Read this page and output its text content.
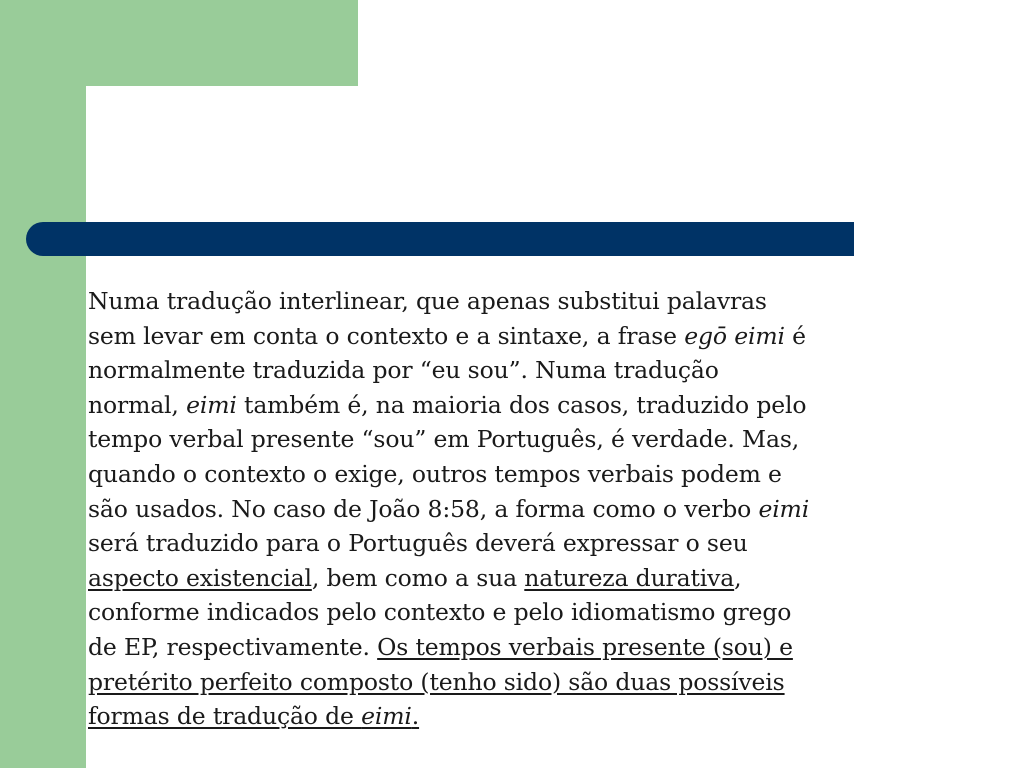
Numa tradução interlinear, que apenas substitui palavras
sem levar em conta o contexto e a sintaxe, a frase egō eimi é
normalmente traduzida por “eu sou”. Numa tradução
normal, eimi também é, na maioria dos casos, traduzido pelo
tempo verbal presente “sou” em Português, é verdade. Mas,
quando o contexto o exige, outros tempos verbais podem e
são usados. No caso de João 8:58, a forma como o verbo eimi
será traduzido para o Português deverá expressar o seu
aspecto existencial, bem como a sua natureza durativa,
conforme indicados pelo contexto e pelo idiomatismo grego
de EP, respectivamente. Os tempos verbais presente (sou) e
pretérito perfeito composto (tenho sido) são duas possíveis
formas de tradução de eimi.
